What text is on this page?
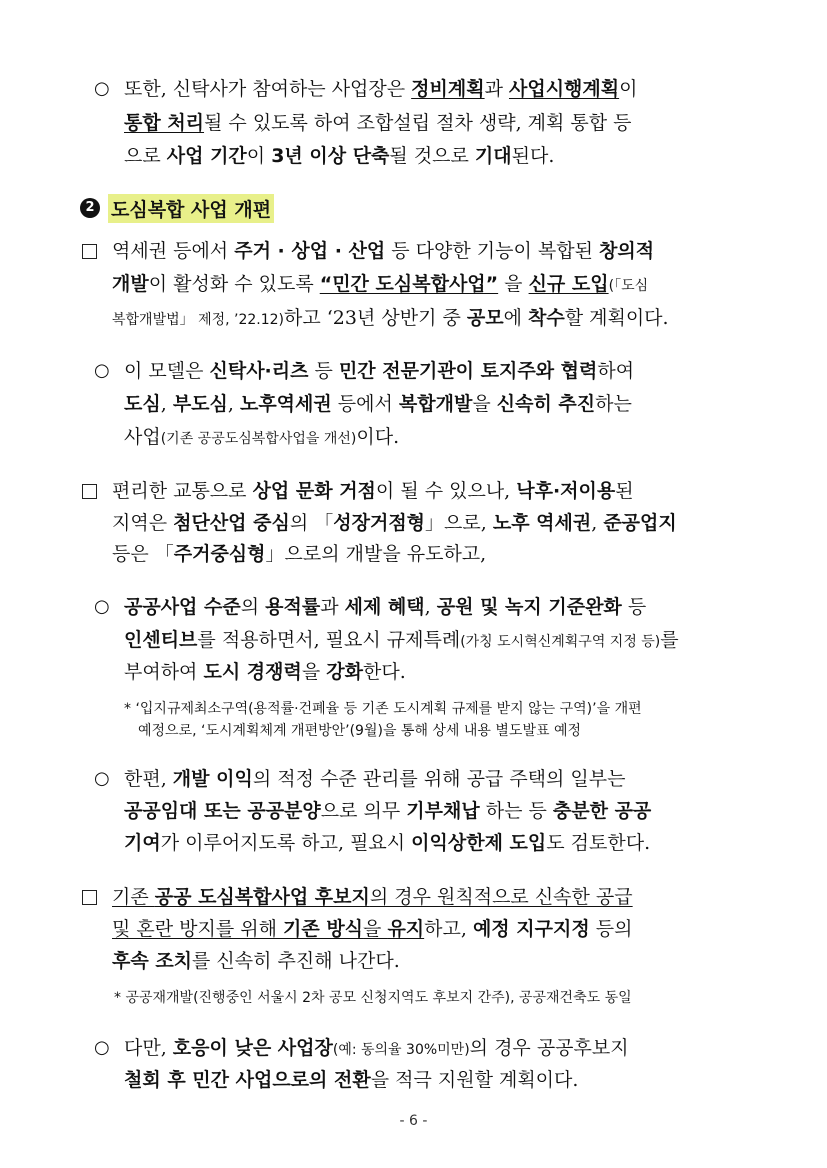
○ 또한, 신탁사가 참여하는 사업장은 정비계획과 사업시행계획이
통합 처리될 수 있도록 하여 조합설립 절차 생략, 계획 통합 등
으로 사업 기간이 3년 이상 단축될 것으로 기대된다.
2 도심복합 사업 개편
역세권 등에서 주거 · 상업 · 산업 등 다양한 기능이 복합된 창의적
개발이 활성화 수 있도록 “민간 도심복합사업” 을 신규 도입(「도심
복합개발법」 제정, ’22.12)하고 ‘23년 상반기 중 공모에 착수할 계획이다.
○ 이 모델은 신탁사·리츠 등 민간 전문기관이 토지주와 협력하여
도심, 부도심, 노후역세권 등에서 복합개발을 신속히 추진하는
사업(기존 공공도심복합사업을 개선)이다.
편리한 교통으로 상업 문화 거점이 될 수 있으나, 낙후·저이용된
지역은 첨단산업 중심의 「성장거점형」으로, 노후 역세권, 준공업지
등은 「주거중심형」으로의 개발을 유도하고,
○ 공공사업 수준의 용적률과 세제 혜택, 공원 및 녹지 기준완화 등
인센티브를 적용하면서, 필요시 규제특례(가칭 도시혁신계획구역 지정 등)를
부여하여 도시 경쟁력을 강화한다.
* ‘입지규제최소구역(용적률·건폐율 등 기존 도시계획 규제를 받지 않는 구역)’을 개편
예정으로, ‘도시계획체계 개편방안’(9월)을 통해 상세 내용 별도발표 예정
○ 한편, 개발 이익의 적정 수준 관리를 위해 공급 주택의 일부는
공공임대 또는 공공분양으로 의무 기부채납 하는 등 충분한 공공
기여가 이루어지도록 하고, 필요시 이익상한제 도입도 검토한다.
기존 공공 도심복합사업 후보지의 경우 원칙적으로 신속한 공급
및 혼란 방지를 위해 기존 방식을 유지하고, 예정 지구지정 등의
후속 조치를 신속히 추진해 나간다.
* 공공재개발(진행중인 서울시 2차 공모 신청지역도 후보지 간주), 공공재건축도 동일
○ 다만, 호응이 낮은 사업장(예: 동의율 30%미만)의 경우 공공후보지
철회 후 민간 사업으로의 전환을 적극 지원할 계획이다.
- 6 -
